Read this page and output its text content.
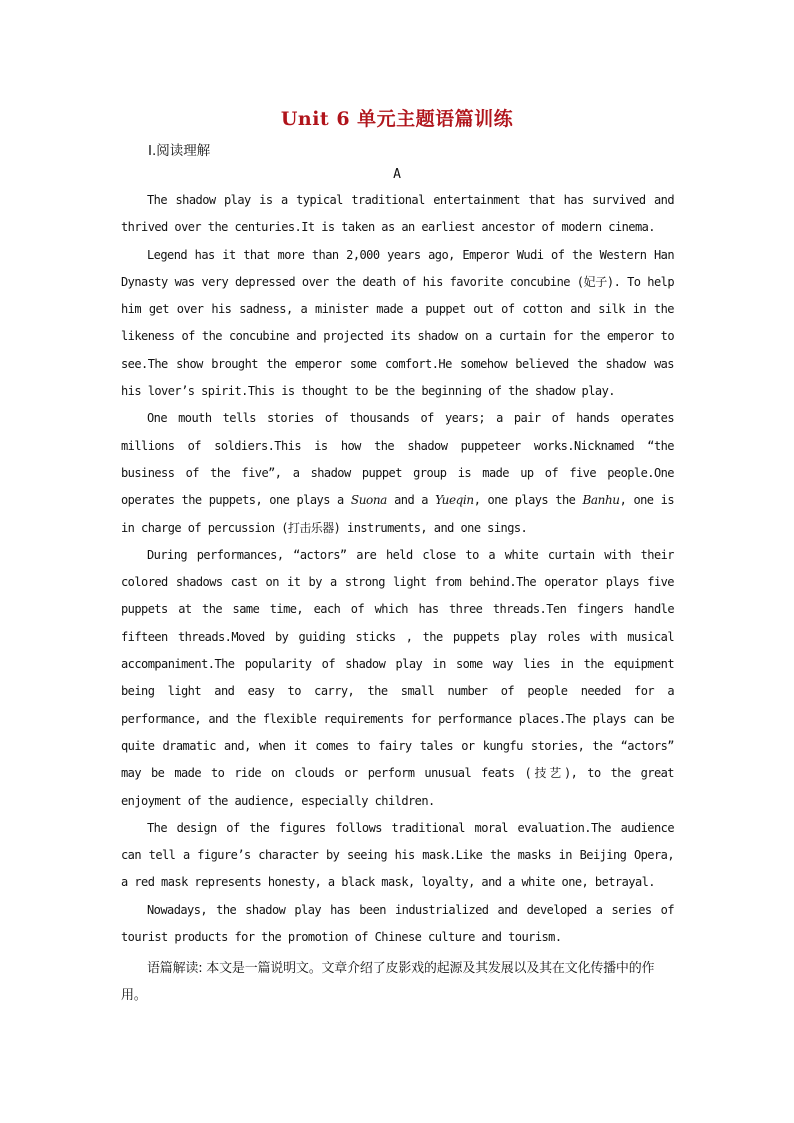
Unit 6 单元主题语篇训练
Ⅰ.阅读理解
A

The shadow play is a typical traditional entertainment that has survived and thrived over the centuries.It is taken as an earliest ancestor of modern cinema.

Legend has it that more than 2,000 years ago, Emperor Wudi of the Western Han Dynasty was very depressed over the death of his favorite concubine (妃子). To help him get over his sadness, a minister made a puppet out of cotton and silk in the likeness of the concubine and projected its shadow on a curtain for the emperor to see.The show brought the emperor some comfort.He somehow believed the shadow was his lover’s spirit.This is thought to be the beginning of the shadow play.

One mouth tells stories of thousands of years; a pair of hands operates millions of soldiers.This is how the shadow puppeteer works.Nicknamed “the business of the five”, a shadow puppet group is made up of five people.One operates the puppets, one plays a Suona and a Yueqin, one plays the Banhu, one is in charge of percussion (打击乐器) instruments, and one sings.

During performances, “actors” are held close to a white curtain with their colored shadows cast on it by a strong light from behind.The operator plays five puppets at the same time, each of which has three threads.Ten fingers handle fifteen threads.Moved by guiding sticks , the puppets play roles with musical accompaniment.The popularity of shadow play in some way lies in the equipment being light and easy to carry, the small number of people needed for a performance, and the flexible requirements for performance places.The plays can be quite dramatic and, when it comes to fairy tales or kungfu stories, the “actors” may be made to ride on clouds or perform unusual feats (技艺), to the great enjoyment of the audience, especially children.

The design of the figures follows traditional moral evaluation.The audience can tell a figure’s character by seeing his mask.Like the masks in Beijing Opera, a red mask represents honesty, a black mask, loyalty, and a white one, betrayal.

Nowadays, the shadow play has been industrialized and developed a series of tourist products for the promotion of Chinese culture and tourism.

语篇解读: 本文是一篇说明文。文章介绍了皮影戏的起源及其发展以及其在文化传播中的作用。
